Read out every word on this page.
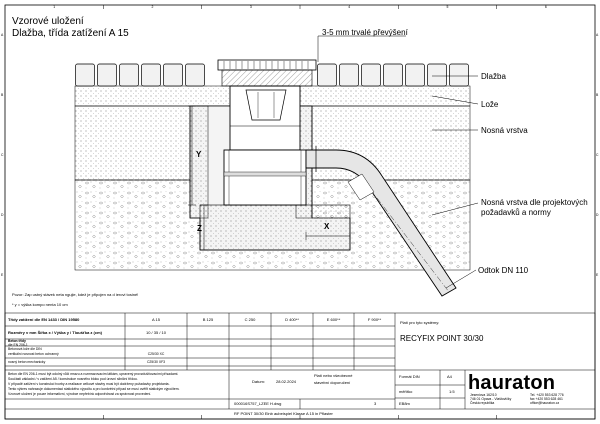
Vzorové uložení
Dlažba, třída zatížení A 15	3-5 mm trvalé převýšení
Y
Z	X
Dlažba
Lože
Nosná vrstva
Nosná vrstva dle projektových
požadavků a normy
Odtok DN 110
Pozor: Zap ustný stávek neta ngujie, kdež je připojen na d ierovi tosiné!
* y = výška kompo nenta 10 cm
1	2	3	4	5	6
A	A
B	B
C	C
D	D
E	E
Třídy zatížení dle EN 1433 / DIN 19580	A 15	B 125	C 250	D 400**	E 600**	F 900**
Rozměry v mm Šířka x / Výška y / Tloušťka z (cm)	10 / 35 / 10
Beton třídy
dle EN 206-1
Betonová lože dle DIN
vertikální nosnost beton ochranný	C25/30 XC
nosný beton mechanicky	C25/30 XF3
Beton dle EN 206-1 musí být odolný vůči mrazu a rozmrazovacím látkám, upravený provzdušňovacími přísadami.
Součásti základní / v zatížení A5 / konstrukce nosného bloku pod úrovní silniční třídou.
V případě zatížení v konstrukci tvorby a realizace celkové stavby musí být dodrženy požadavky projektanta.
Tento výkres nahrazuje dokumentaci statického výpočtu a pro konkrétní případ se musí ověřit statickým výpočtem.
Vzorové uložení je pouze informativní, výrobce nepřebírá odpovědnost za správnost provedení.
Platí pro tyto systémy:
RECYFIX POINT 30/30
Datum:	28.02.2024
Platí nebo všeobecné
stavební doporučení
Formát DIN	A4
měřítko	1:5
EB8m
3
000016S757_LZEE H.dwg
RF POINT 30/30 Einb aubeispiel Klasse A 15 in Pflaster
hauraton
Jeseniova 162/10
746 01 Opava - Vlaštovičky
Česká republika
Tel. +420 553 628 776
fax +420 553 628 461
office@hauraton.cz
